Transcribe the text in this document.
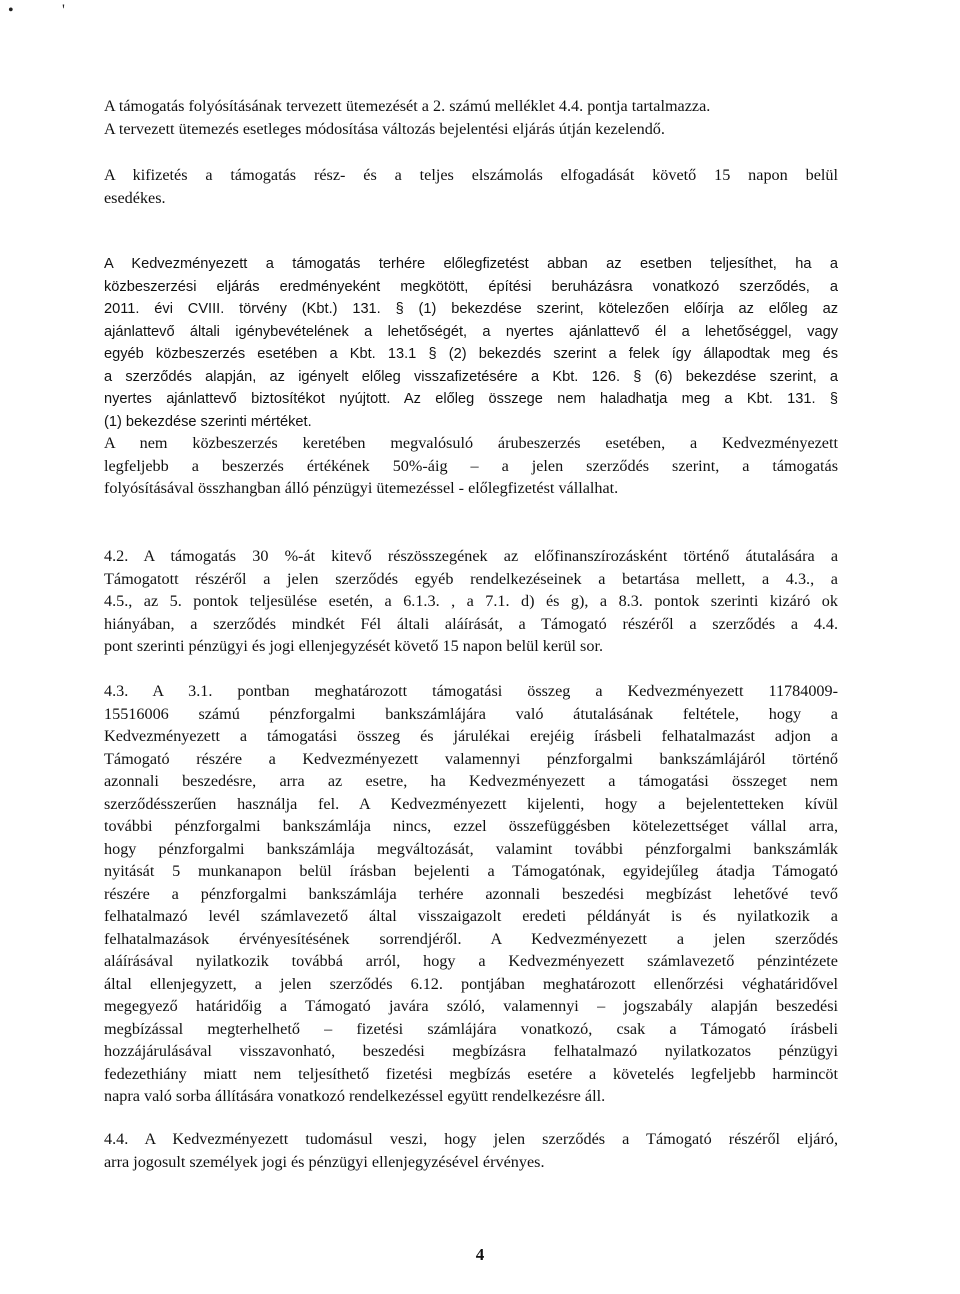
•	'
A támogatás folyósításának tervezett ütemezését a 2. számú melléklet 4.4. pontja tartalmazza.
A tervezett ütemezés esetleges módosítása változás bejelentési eljárás útján kezelendő.
A kifizetés a támogatás rész- és a teljes elszámolás elfogadását követő 15 napon belül
esedékes.
A Kedvezményezett a támogatás terhére előlegfizetést abban az esetben teljesíthet, ha a
közbeszerzési eljárás eredményeként megkötött, építési beruházásra vonatkozó szerződés, a
2011. évi CVIII. törvény (Kbt.) 131. § (1) bekezdése szerint, kötelezően előírja az előleg az
ajánlattevő általi igénybevételének a lehetőségét, a nyertes ajánlattevő él a lehetőséggel, vagy
egyéb közbeszerzés esetében a Kbt. 13.1 § (2) bekezdés szerint a felek így állapodtak meg és
a szerződés alapján, az igényelt előleg visszafizetésére a Kbt. 126. § (6) bekezdése szerint, a
nyertes ajánlattevő biztosítékot nyújtott. Az előleg összege nem haladhatja meg a Kbt. 131. §
(1) bekezdése szerinti mértéket.
A nem közbeszerzés keretében megvalósuló árubeszerzés esetében, a Kedvezményezett
legfeljebb a beszerzés értékének 50%-áig – a jelen szerződés szerint, a támogatás
folyósításával összhangban álló pénzügyi ütemezéssel - előlegfizetést vállalhat.
4.2. A támogatás 30 %-át kitevő részösszegének az előfinanszírozásként történő átutalására a
Támogatott részéről a jelen szerződés egyéb rendelkezéseinek a betartása mellett, a 4.3., a
4.5., az 5. pontok teljesülése esetén, a 6.1.3. , a 7.1. d) és g), a 8.3. pontok szerinti kizáró ok
hiányában, a szerződés mindkét Fél általi aláírását, a Támogató részéről a szerződés a 4.4.
pont szerinti pénzügyi és jogi ellenjegyzését követő 15 napon belül kerül sor.
4.3. A 3.1. pontban meghatározott támogatási összeg a Kedvezményezett 11784009-
15516006 számú pénzforgalmi bankszámlájára való átutalásának feltétele, hogy a
Kedvezményezett a támogatási összeg és járulékai erejéig írásbeli felhatalmazást adjon a
Támogató részére a Kedvezményezett valamennyi pénzforgalmi bankszámlájáról történő
azonnali beszedésre, arra az esetre, ha Kedvezményezett a támogatási összeget nem
szerződésszerűen használja fel. A Kedvezményezett kijelenti, hogy a bejelentetteken kívül
további pénzforgalmi bankszámlája nincs, ezzel összefüggésben kötelezettséget vállal arra,
hogy pénzforgalmi bankszámlája megváltozását, valamint további pénzforgalmi bankszámlák
nyitását 5 munkanapon belül írásban bejelenti a Támogatónak, egyidejűleg átadja Támogató
részére a pénzforgalmi bankszámlája terhére azonnali beszedési megbízást lehetővé tevő
felhatalmazó levél számlavezető által visszaigazolt eredeti példányát is és nyilatkozik a
felhatalmazások érvényesítésének sorrendjéről. A Kedvezményezett a jelen szerződés
aláírásával nyilatkozik továbbá arról, hogy a Kedvezményezett számlavezető pénzintézete
által ellenjegyzett, a jelen szerződés 6.12. pontjában meghatározott ellenőrzési véghatáridővel
megegyező határidőig a Támogató javára szóló, valamennyi – jogszabály alapján beszedési
megbízással megterhelhető – fizetési számlájára vonatkozó, csak a Támogató írásbeli
hozzájárulásával visszavonható, beszedési megbízásra felhatalmazó nyilatkozatos pénzügyi
fedezethiány miatt nem teljesíthető fizetési megbízás esetére a követelés legfeljebb harmincöt
napra való sorba állítására vonatkozó rendelkezéssel együtt rendelkezésre áll.
4.4. A Kedvezményezett tudomásul veszi, hogy jelen szerződés a Támogató részéről eljáró,
arra jogosult személyek jogi és pénzügyi ellenjegyzésével érvényes.
4
